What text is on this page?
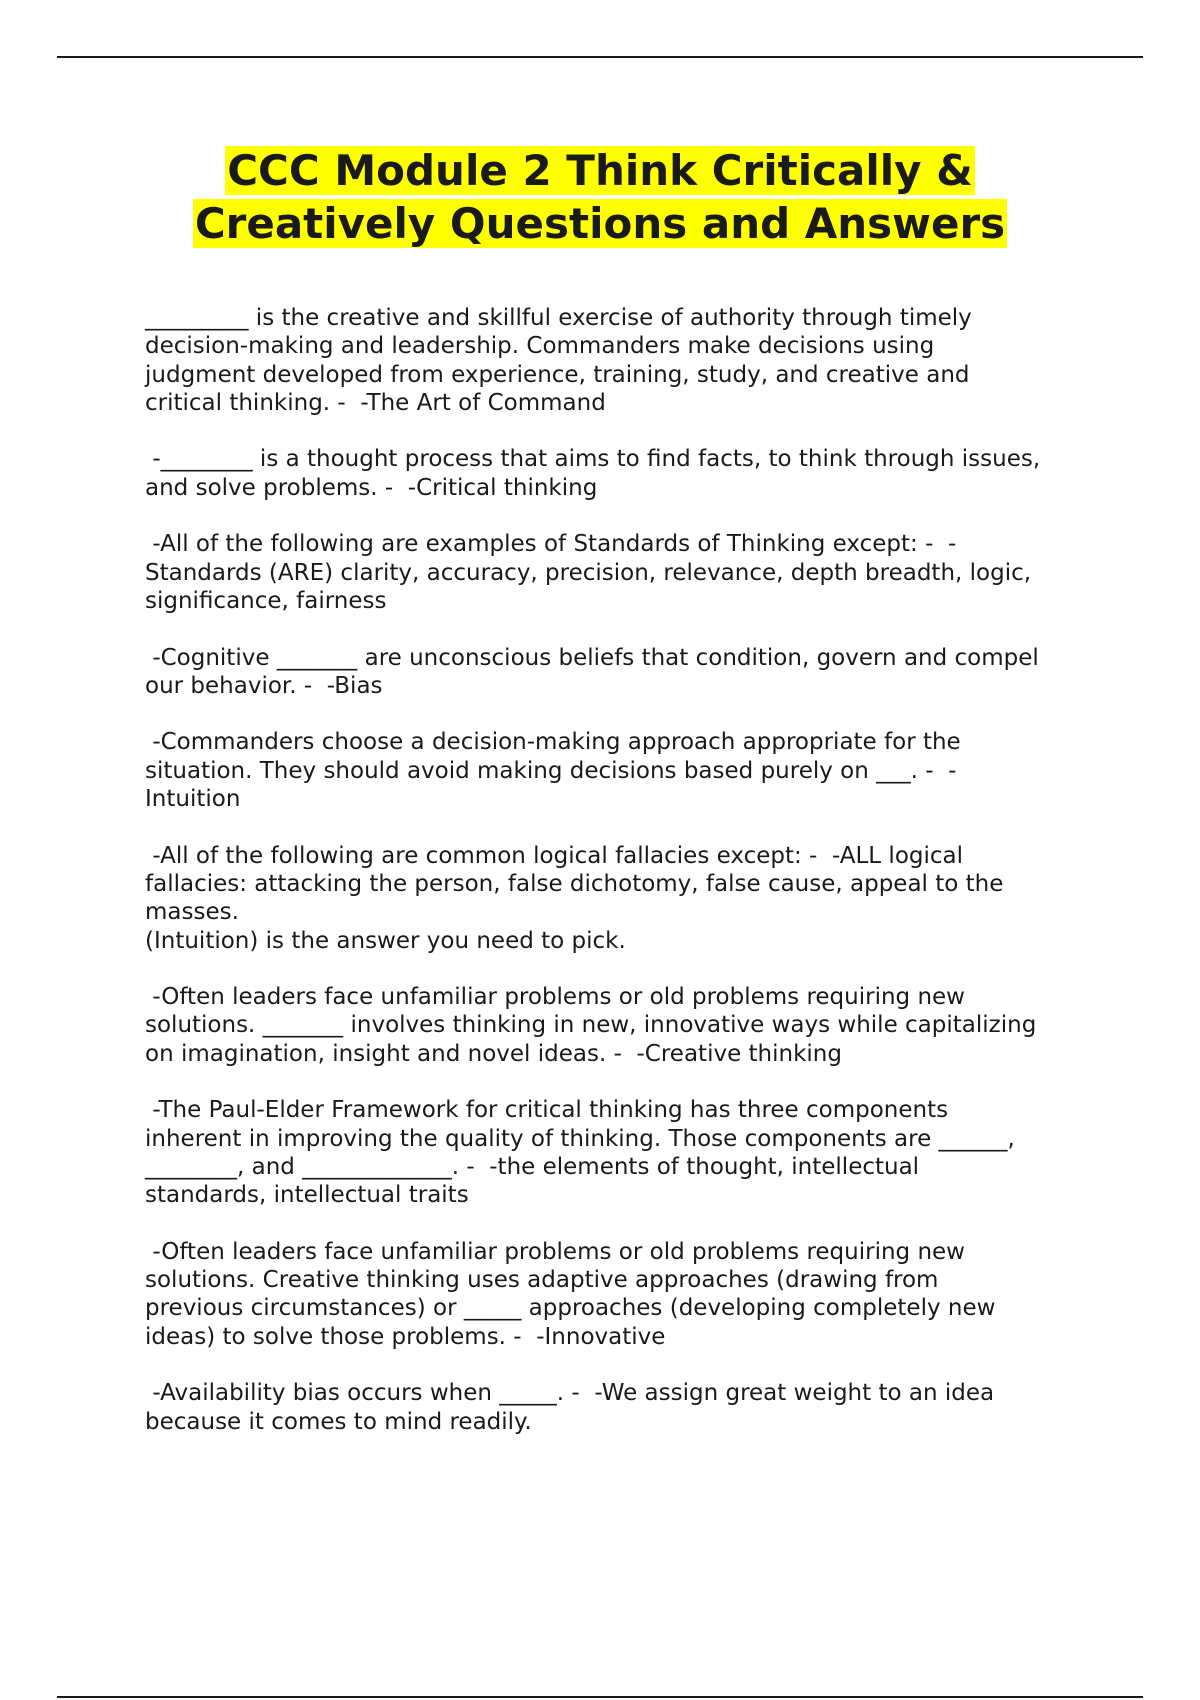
CCC Module 2 Think Critically &
Creatively Questions and Answers

_________ is the creative and skillful exercise of authority through timely
decision-making and leadership. Commanders make decisions using
judgment developed from experience, training, study, and creative and
critical thinking. -  -The Art of Command

-________ is a thought process that aims to find facts, to think through issues,
and solve problems. -  -Critical thinking

-All of the following are examples of Standards of Thinking except: -  -
Standards (ARE) clarity, accuracy, precision, relevance, depth breadth, logic,
significance, fairness

-Cognitive _______ are unconscious beliefs that condition, govern and compel
our behavior. -  -Bias

-Commanders choose a decision-making approach appropriate for the
situation. They should avoid making decisions based purely on ___. -  -
Intuition

-All of the following are common logical fallacies except: -  -ALL logical
fallacies: attacking the person, false dichotomy, false cause, appeal to the
masses.
(Intuition) is the answer you need to pick.

-Often leaders face unfamiliar problems or old problems requiring new
solutions. _______ involves thinking in new, innovative ways while capitalizing
on imagination, insight and novel ideas. -  -Creative thinking

-The Paul-Elder Framework for critical thinking has three components
inherent in improving the quality of thinking. Those components are ______,
________, and _____________. -  -the elements of thought, intellectual
standards, intellectual traits

-Often leaders face unfamiliar problems or old problems requiring new
solutions. Creative thinking uses adaptive approaches (drawing from
previous circumstances) or _____ approaches (developing completely new
ideas) to solve those problems. -  -Innovative

-Availability bias occurs when _____. -  -We assign great weight to an idea
because it comes to mind readily.
